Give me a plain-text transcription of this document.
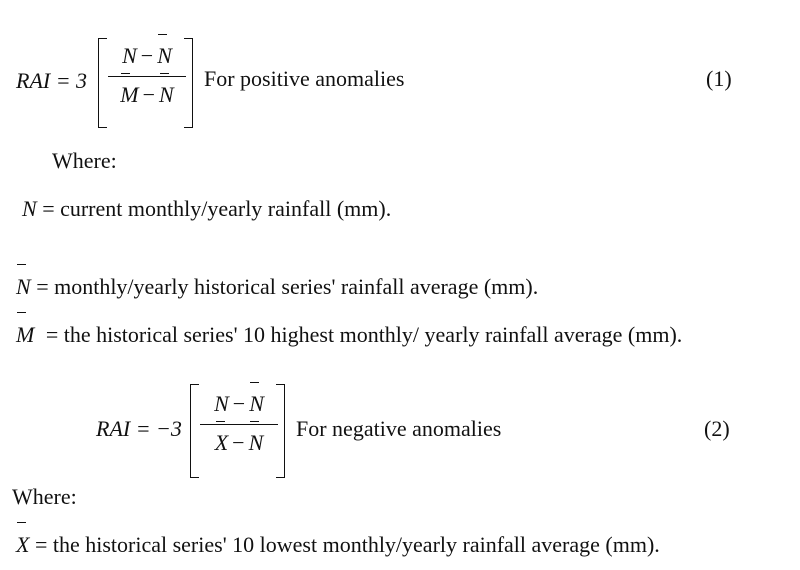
RAI = 3
N − N
M − N
For positive anomalies	(1)
Where:
N = current monthly/yearly rainfall (mm).
N = monthly/yearly historical series' rainfall average (mm).
M = the historical series' 10 highest monthly/ yearly rainfall average (mm).
RAI = −3
N − N
X − N
For negative anomalies	(2)
Where:
X = the historical series' 10 lowest monthly/yearly rainfall average (mm).
